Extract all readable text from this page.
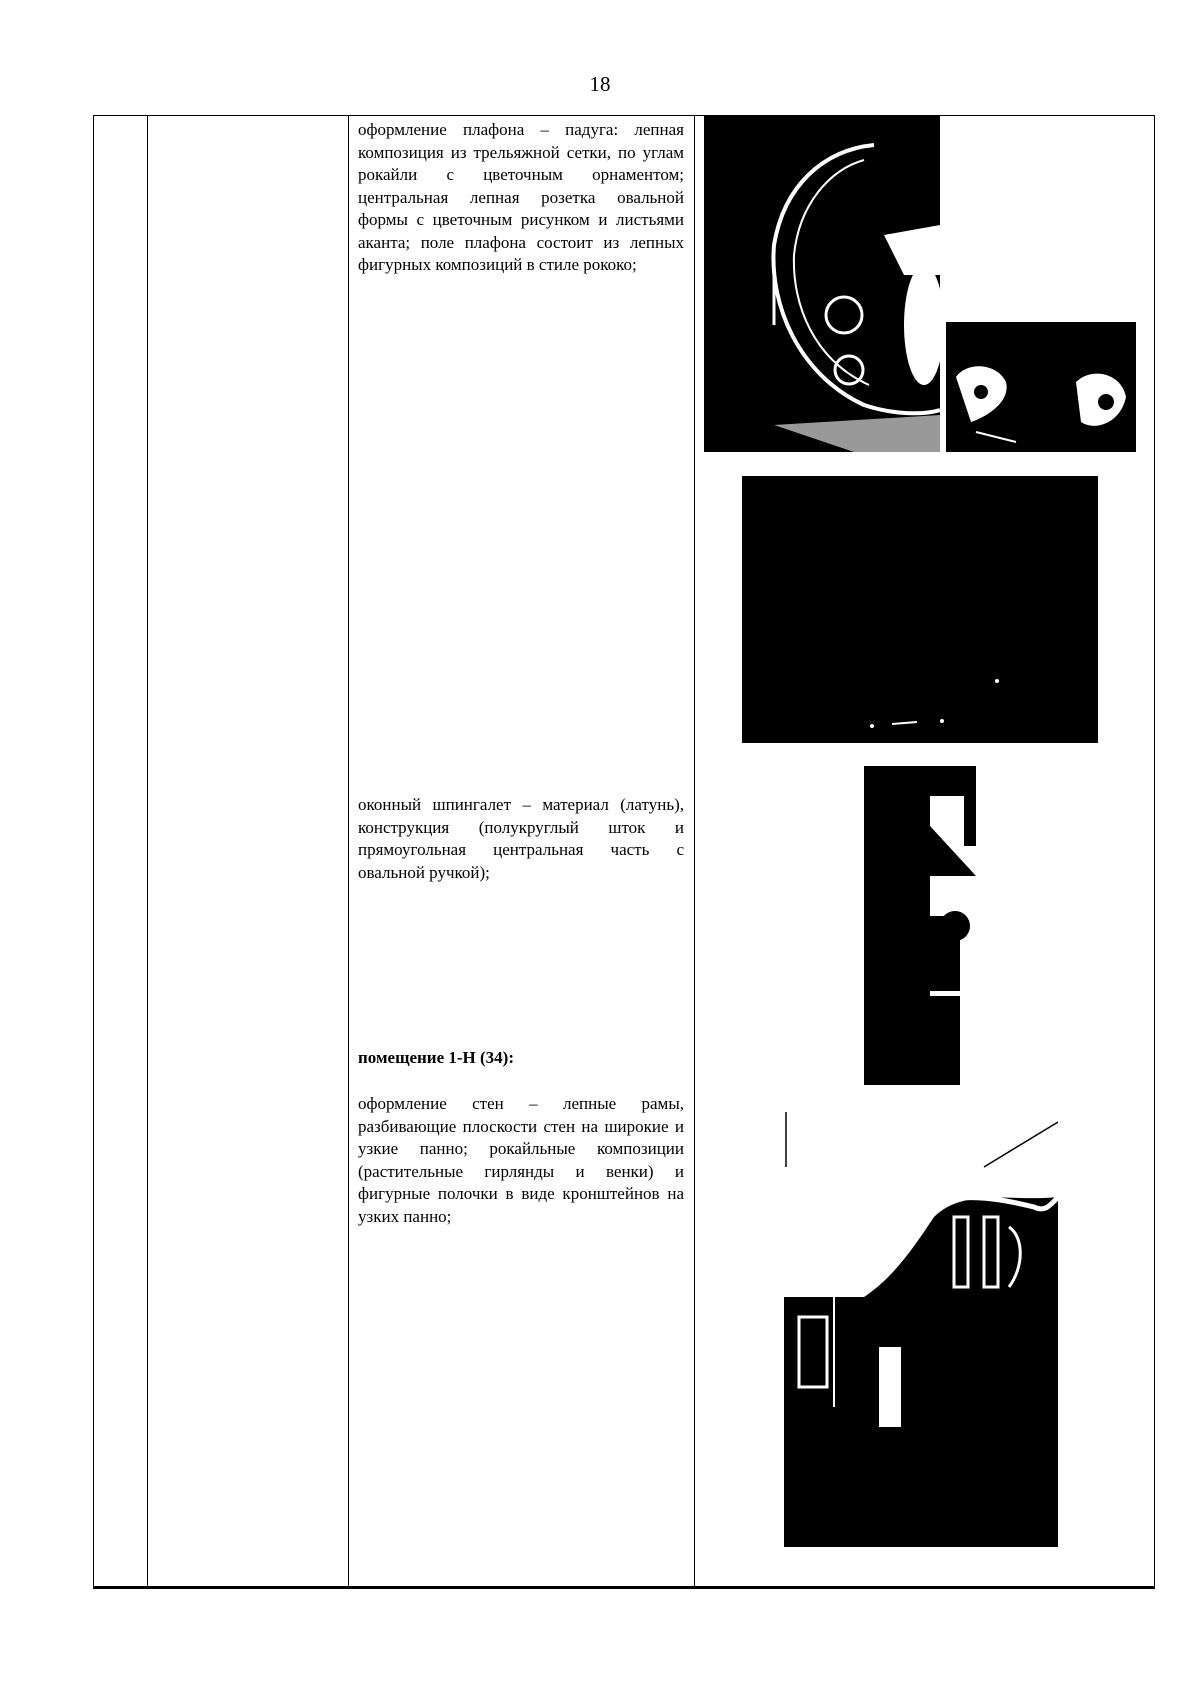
18
оформление плафона – падуга: лепная композиция из трельяжной сетки, по углам рокайли с цветочным орнаментом; центральная лепная розетка овальной формы с цветочным рисунком и листьями аканта; поле плафона состоит из лепных фигурных композиций в стиле рококо;
оконный шпингалет – материал (латунь), конструкция (полукруглый шток и прямоугольная центральная часть с овальной ручкой);
помещение 1-Н (34):
оформление стен – лепные рамы, разбивающие плоскости стен на широкие и узкие панно; рокайльные композиции (растительные гирлянды и венки) и фигурные полочки в виде кронштейнов на узких панно;
